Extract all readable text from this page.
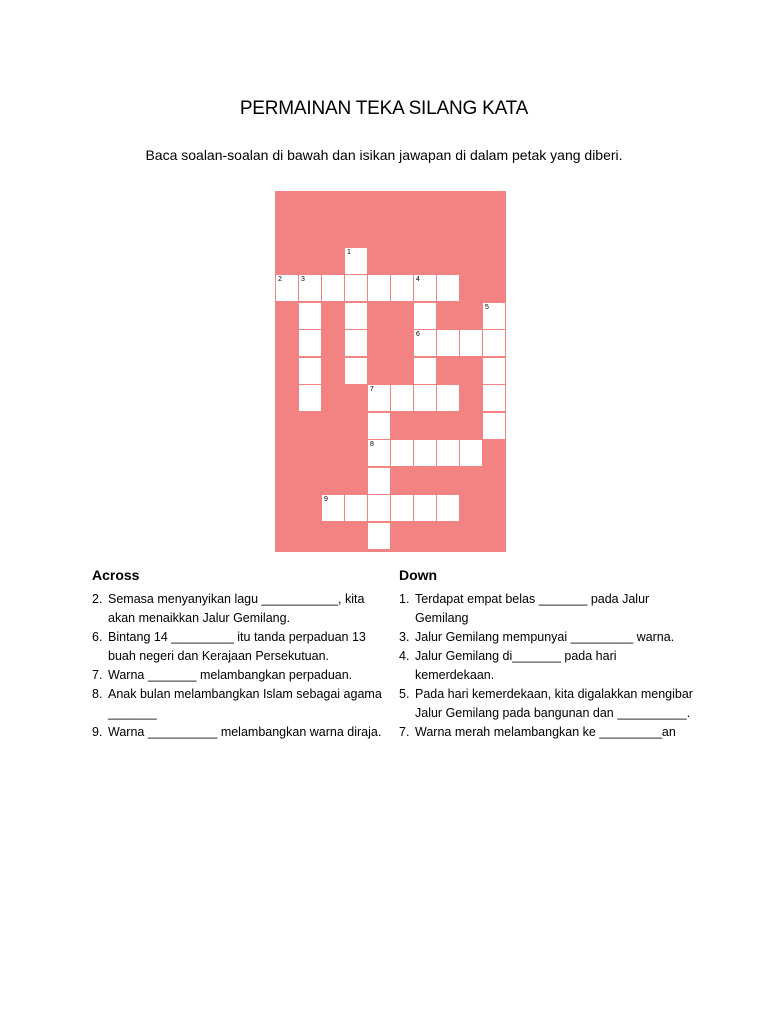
PERMAINAN TEKA SILANG KATA
Baca soalan-soalan di bawah dan isikan jawapan di dalam petak yang diberi.
1
2	3	4
5
6
7
8
9
Across
2. Semasa menyanyikan lagu ___________, kita akan menaikkan Jalur Gemilang.
6. Bintang 14 _________ itu tanda perpaduan 13 buah negeri dan Kerajaan Persekutuan.
7. Warna _______ melambangkan perpaduan.
8. Anak bulan melambangkan Islam sebagai agama _______
9. Warna __________ melambangkan warna diraja.
Down
1. Terdapat empat belas _______ pada Jalur Gemilang
3. Jalur Gemilang mempunyai _________ warna.
4. Jalur Gemilang di_______ pada hari kemerdekaan.
5. Pada hari kemerdekaan, kita digalakkan mengibar Jalur Gemilang pada bangunan dan __________.
7. Warna merah melambangkan ke _________an
